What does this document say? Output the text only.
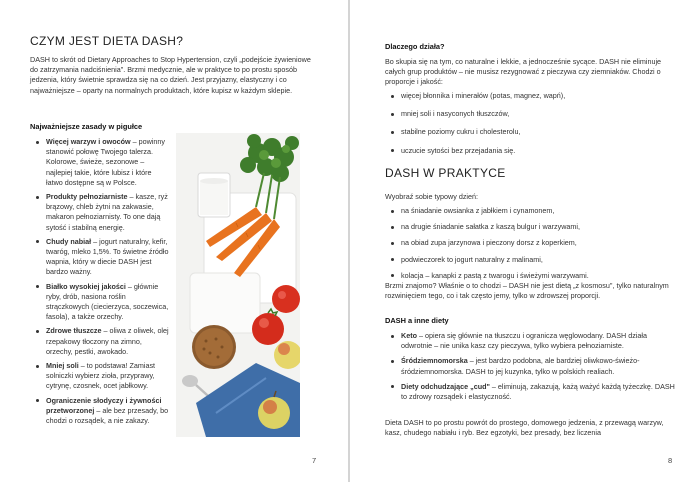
CZYM JEST DIETA DASH?

DASH to skrót od Dietary Approaches to Stop Hypertension, czyli „podejście żywieniowe do zatrzymania nadciśnienia". Brzmi medycznie, ale w praktyce to po prostu sposób jedzenia, który świetnie sprawdza się na co dzień. Jest przyjazny, elastyczny i co najważniejsze – oparty na normalnych produktach, które kupisz w każdym sklepie.

Najważniejsze zasady w pigułce
Więcej warzyw i owoców – powinny stanowić połowę Twojego talerza. Kolorowe, świeże, sezonowe – najlepiej takie, które lubisz i które łatwo dostępne są w Polsce.
Produkty pełnoziarniste – kasze, ryż brązowy, chleb żytni na zakwasie, makaron pełnoziarnisty. To one dają sytość i stabilną energię.
Chudy nabiał – jogurt naturalny, kefir, twaróg, mleko 1,5%. To świetne źródło wapnia, który w diecie DASH jest bardzo ważny.
Białko wysokiej jakości – głównie ryby, drób, nasiona roślin strączkowych (ciecierzyca, soczewica, fasola), a także orzechy.
Zdrowe tłuszcze – oliwa z oliwek, olej rzepakowy tłoczony na zimno, orzechy, pestki, awokado.
Mniej soli – to podstawa! Zamiast solniczki wybierz zioła, przyprawy, cytrynę, czosnek, ocet jabłkowy.
Ograniczenie słodyczy i żywności przetworzonej – ale bez przesady, bo chodzi o rozsądek, a nie zakazy.
7
Dlaczego działa?

Bo skupia się na tym, co naturalne i lekkie, a jednocześnie sycące. DASH nie eliminuje całych grup produktów – nie musisz rezygnować z pieczywa czy ziemniaków. Chodzi o proporcje i jakość:

więcej błonnika i minerałów (potas, magnez, wapń),
mniej soli i nasyconych tłuszczów,
stabilne poziomy cukru i cholesterolu,
uczucie sytości bez przejadania się.
DASH W PRAKTYCE

Wyobraź sobie typowy dzień:

na śniadanie owsianka z jabłkiem i cynamonem,
na drugie śniadanie sałatka z kaszą bulgur i warzywami,
na obiad zupa jarzynowa i pieczony dorsz z koperkiem,
podwieczorek to jogurt naturalny z malinami,
kolacja – kanapki z pastą z twarogu i świeżymi warzywami.

Brzmi znajomo? Właśnie o to chodzi – DASH nie jest dietą „z kosmosu", tylko naturalnym rozwinięciem tego, co i tak często jemy, tylko w zdrowszej proporcji.

DASH a inne diety
Keto – opiera się głównie na tłuszczu i ogranicza węglowodany. DASH działa odwrotnie – nie unika kasz czy pieczywa, tylko wybiera pełnoziarniste.
Śródziemnomorska – jest bardzo podobna, ale bardziej oliwkowo-świeżo-śródziemnomorska. DASH to jej kuzynka, tylko w polskich realiach.
Diety odchudzające „cud" – eliminują, zakazują, każą ważyć każdą tyżeczkę. DASH to zdrowy rozsądek i elastyczność.

Dieta DASH to po prostu powrót do prostego, domowego jedzenia, z przewagą warzyw, kasz, chudego nabiału i ryb. Bez egzotyki, bez presady, bez liczenia

8
